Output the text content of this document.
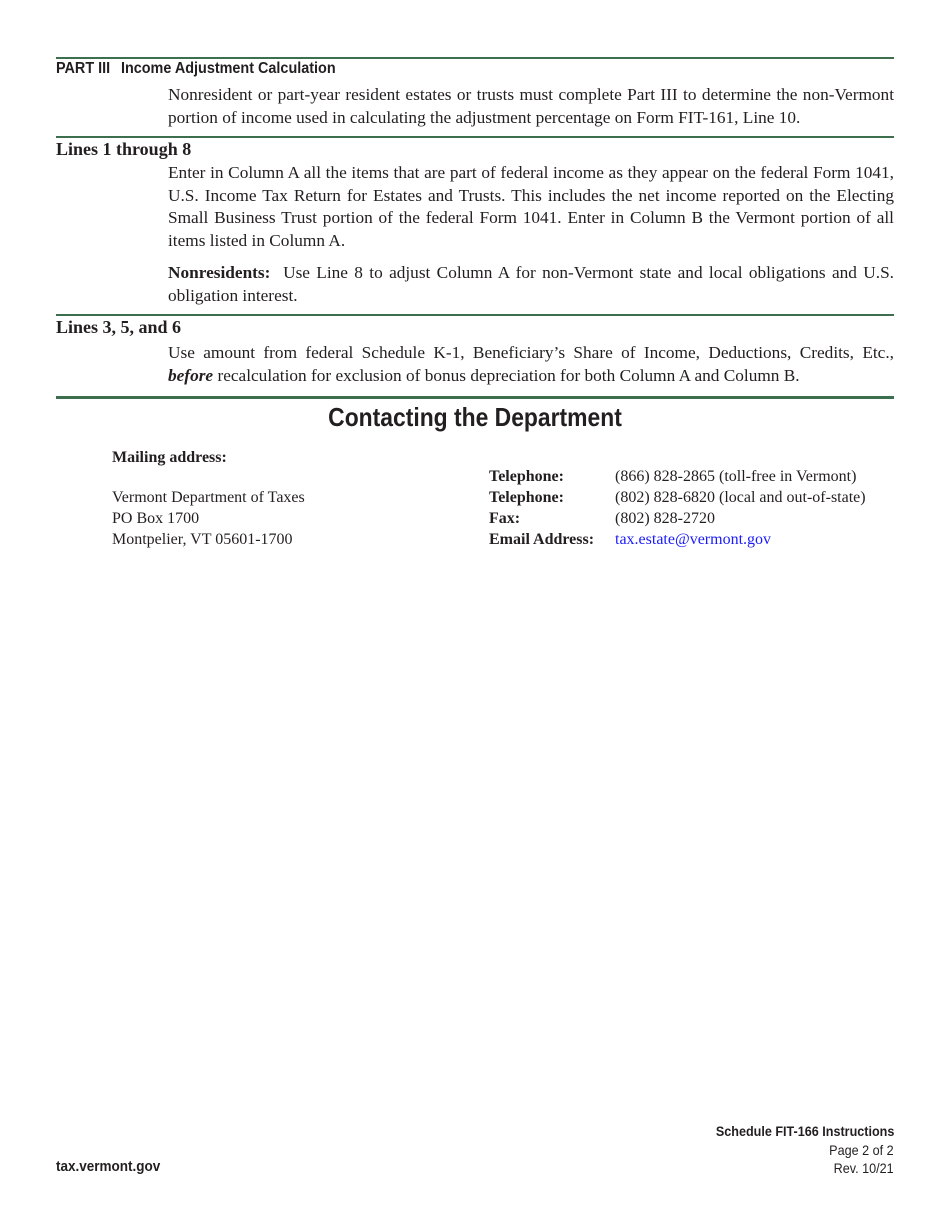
PART III Income Adjustment Calculation

Nonresident or part-year resident estates or trusts must complete Part III to determine the non-Vermont portion of income used in calculating the adjustment percentage on Form FIT-161, Line 10.

Lines 1 through 8

Enter in Column A all the items that are part of federal income as they appear on the federal Form 1041, U.S. Income Tax Return for Estates and Trusts. This includes the net income reported on the Electing Small Business Trust portion of the federal Form 1041. Enter in Column B the Vermont portion of all items listed in Column A.

Nonresidents: Use Line 8 to adjust Column A for non-Vermont state and local obligations and U.S. obligation interest.

Lines 3, 5, and 6

Use amount from federal Schedule K-1, Beneficiary’s Share of Income, Deductions, Credits, Etc., before recalculation for exclusion of bonus depreciation for both Column A and Column B.

Contacting the Department
Mailing address:
Vermont Department of Taxes
PO Box 1700
Montpelier, VT 05601-1700
Telephone:	(866) 828-2865 (toll-free in Vermont)
Telephone:	(802) 828-6820 (local and out-of-state)
Fax:	(802) 828-2720
Email Address: tax.estate@vermont.gov
Schedule FIT-166 Instructions
Page 2 of 2
Rev. 10/21
tax.vermont.gov
